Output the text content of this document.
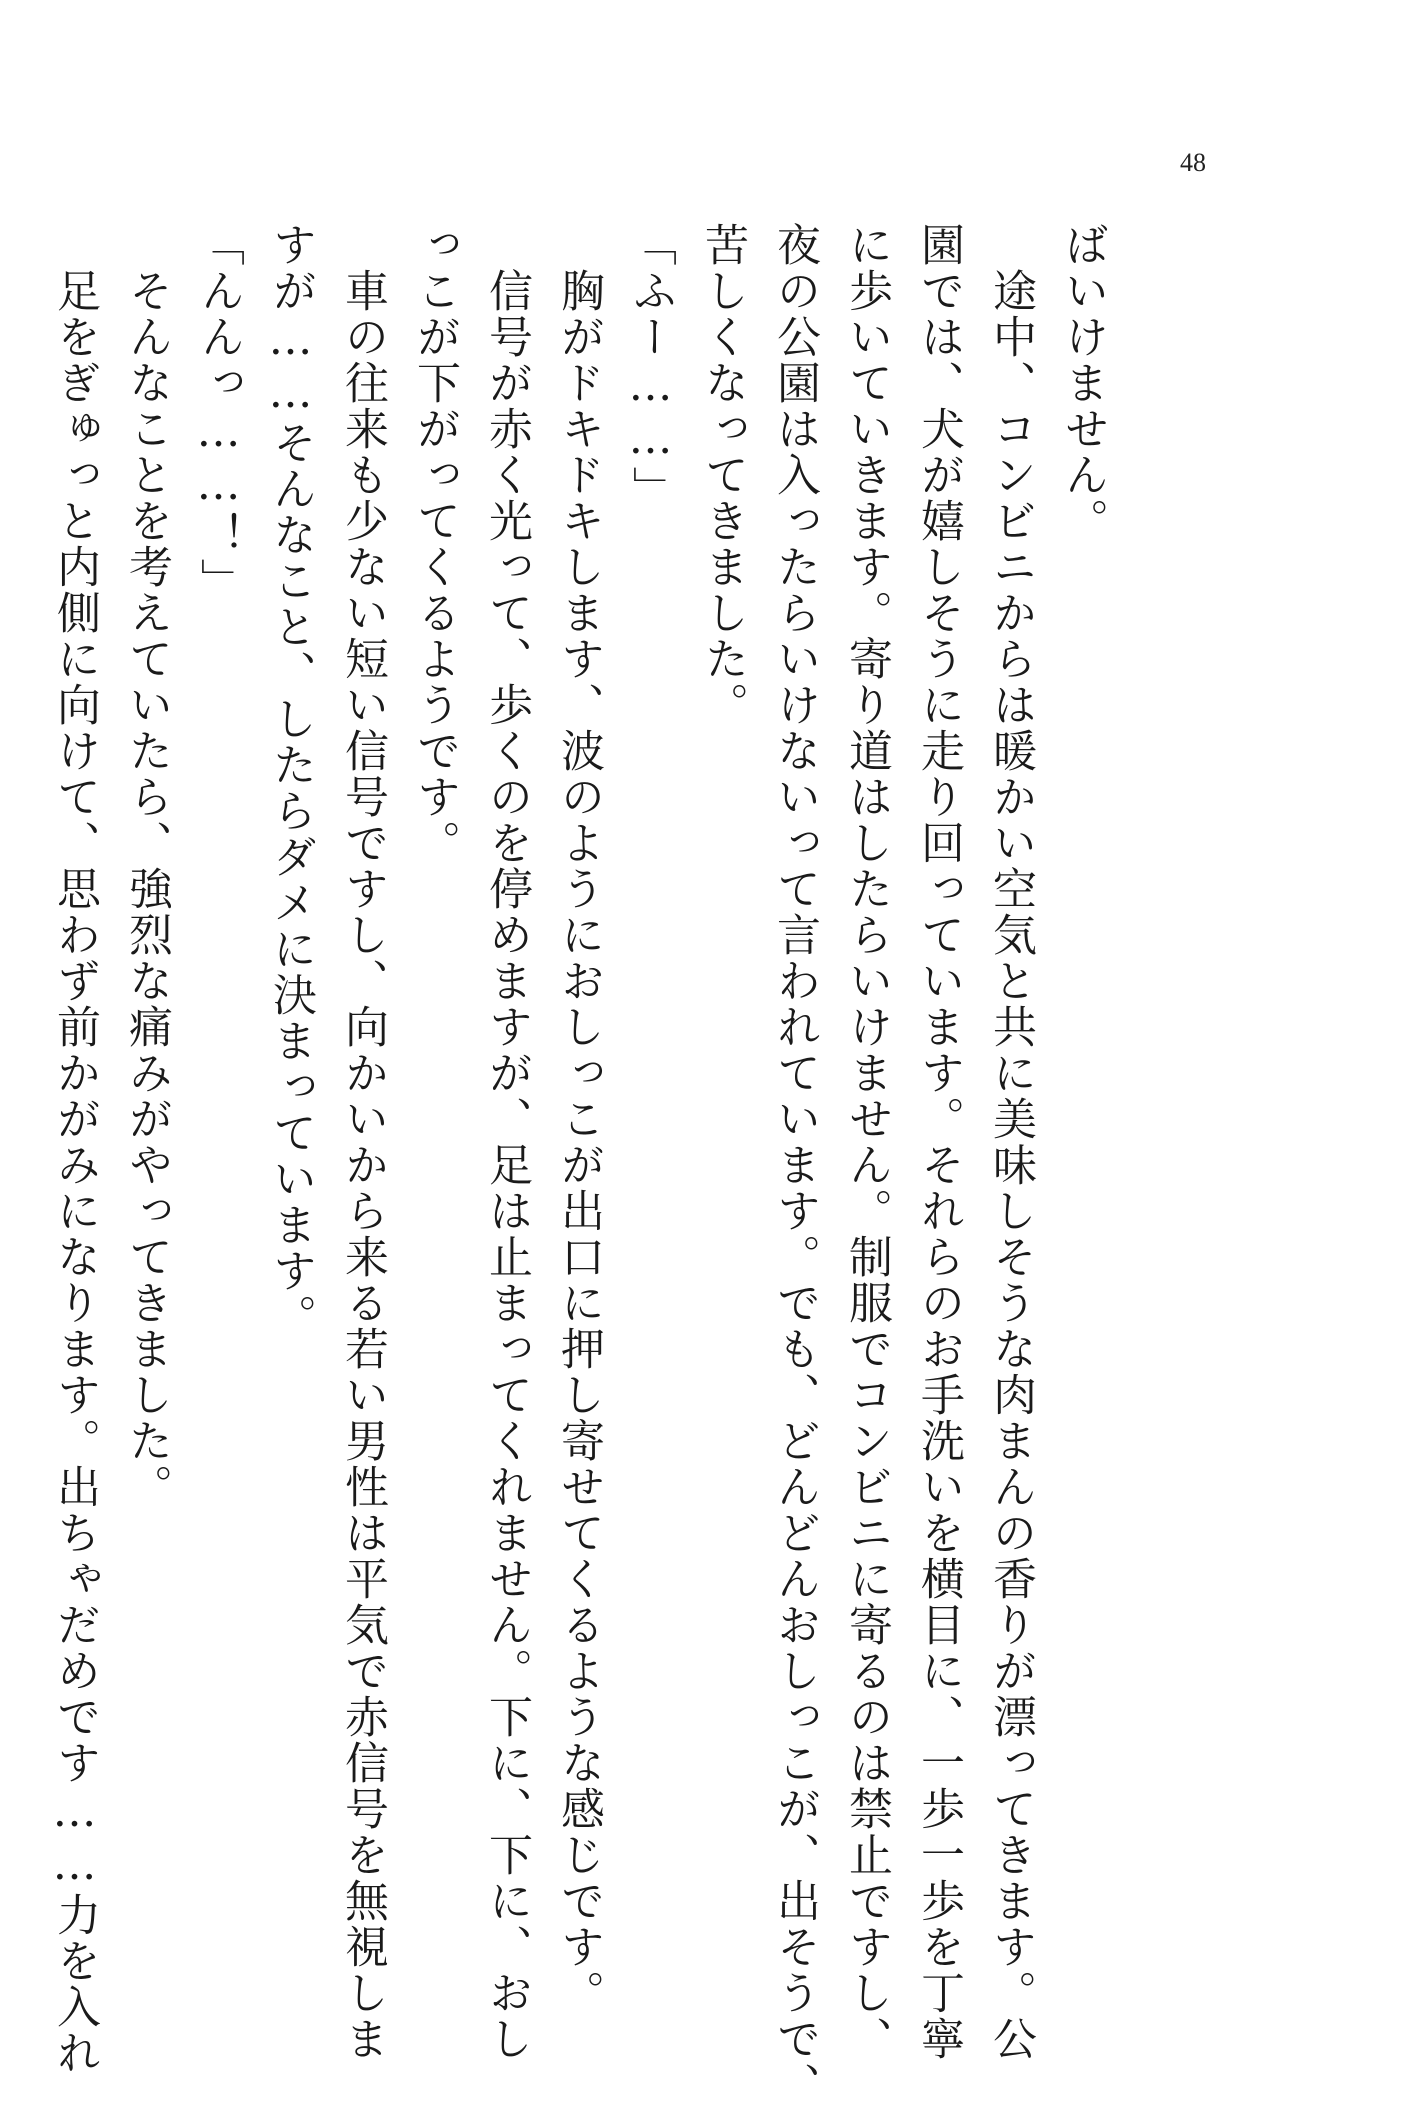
48
ばいけません。
　途中、コンビニからは暖かい空気と共に美味しそうな肉まんの香りが漂ってきます。公
園では、犬が嬉しそうに走り回っています。それらのお手洗いを横目に、一歩一歩を丁寧
に歩いていきます。寄り道はしたらいけません。制服でコンビニに寄るのは禁止ですし、
夜の公園は入ったらいけないって言われています。でも、どんどんおしっこが、出そうで、
苦しくなってきました。
「ふー……」
　胸がドキドキします、波のようにおしっこが出口に押し寄せてくるような感じです。
　信号が赤く光って、歩くのを停めますが、足は止まってくれません。下に、下に、おし
っこが下がってくるようです。
　車の往来も少ない短い信号ですし、向かいから来る若い男性は平気で赤信号を無視しま
すが……そんなこと、したらダメに決まっています。
「んんっ……！」
　そんなことを考えていたら、強烈な痛みがやってきました。
　足をぎゅっと内側に向けて、思わず前かがみになります。出ちゃだめです……力を入れ
